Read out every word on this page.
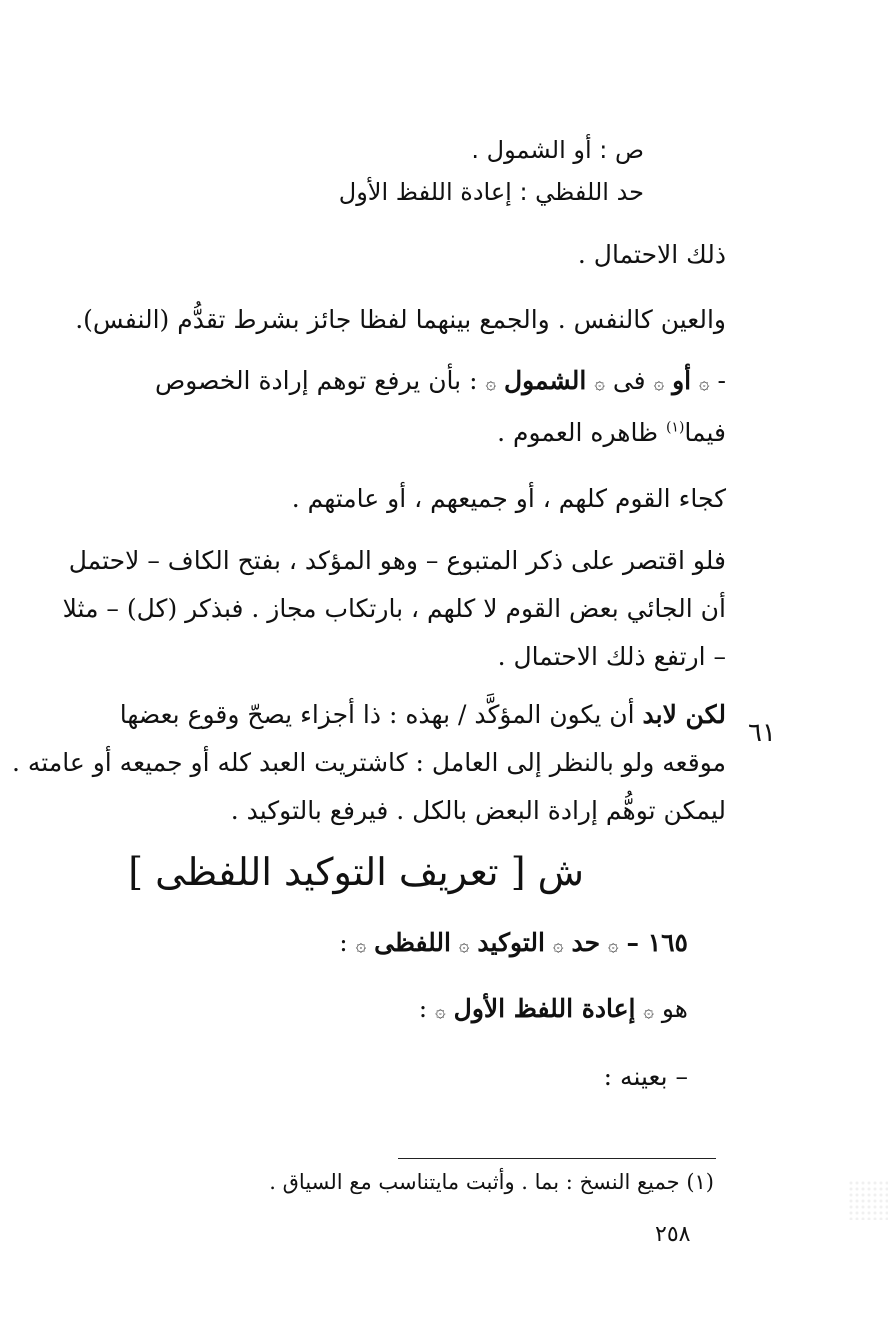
ص : أو الشمول .
حد اللفظي : إعادة اللفظ الأول
ذلك الاحتمال .
والعين كالنفس . والجمع بينهما لفظا جائز بشرط تقدُّم (النفس).
- ۞ أو ۞ فى ۞ الشمول ۞ : بأن يرفع توهم إرادة الخصوص
فيما$^{(١)}$ ظاهره العموم .
كجاء القوم كلهم ، أو جميعهم ، أو عامتهم .
فلو اقتصر على ذكر المتبوع – وهو المؤكد ، بفتح الكاف – لاحتمل
أن الجائي بعض القوم لا كلهم ، بارتكاب مجاز . فبذكر (كل) – مثلا
– ارتفع ذلك الاحتمال .
٦١
لكن لابد أن يكون المؤكَّد / بهذه : ذا أجزاء يصحّ وقوع بعضها
موقعه ولو بالنظر إلى العامل : كاشتريت العبد كله أو جميعه أو عامته .
ليمكن توهُّم إرادة البعض بالكل . فيرفع بالتوكيد .
ش [ تعريف التوكيد اللفظى ]
١٦٥ – ۞ حد ۞ التوكيد ۞ اللفظى ۞ :
هو ۞ إعادة اللفظ الأول ۞ :
– بعينه :
(١) جميع النسخ : بما . وأثبت مايتناسب مع السياق .
٢٥٨
